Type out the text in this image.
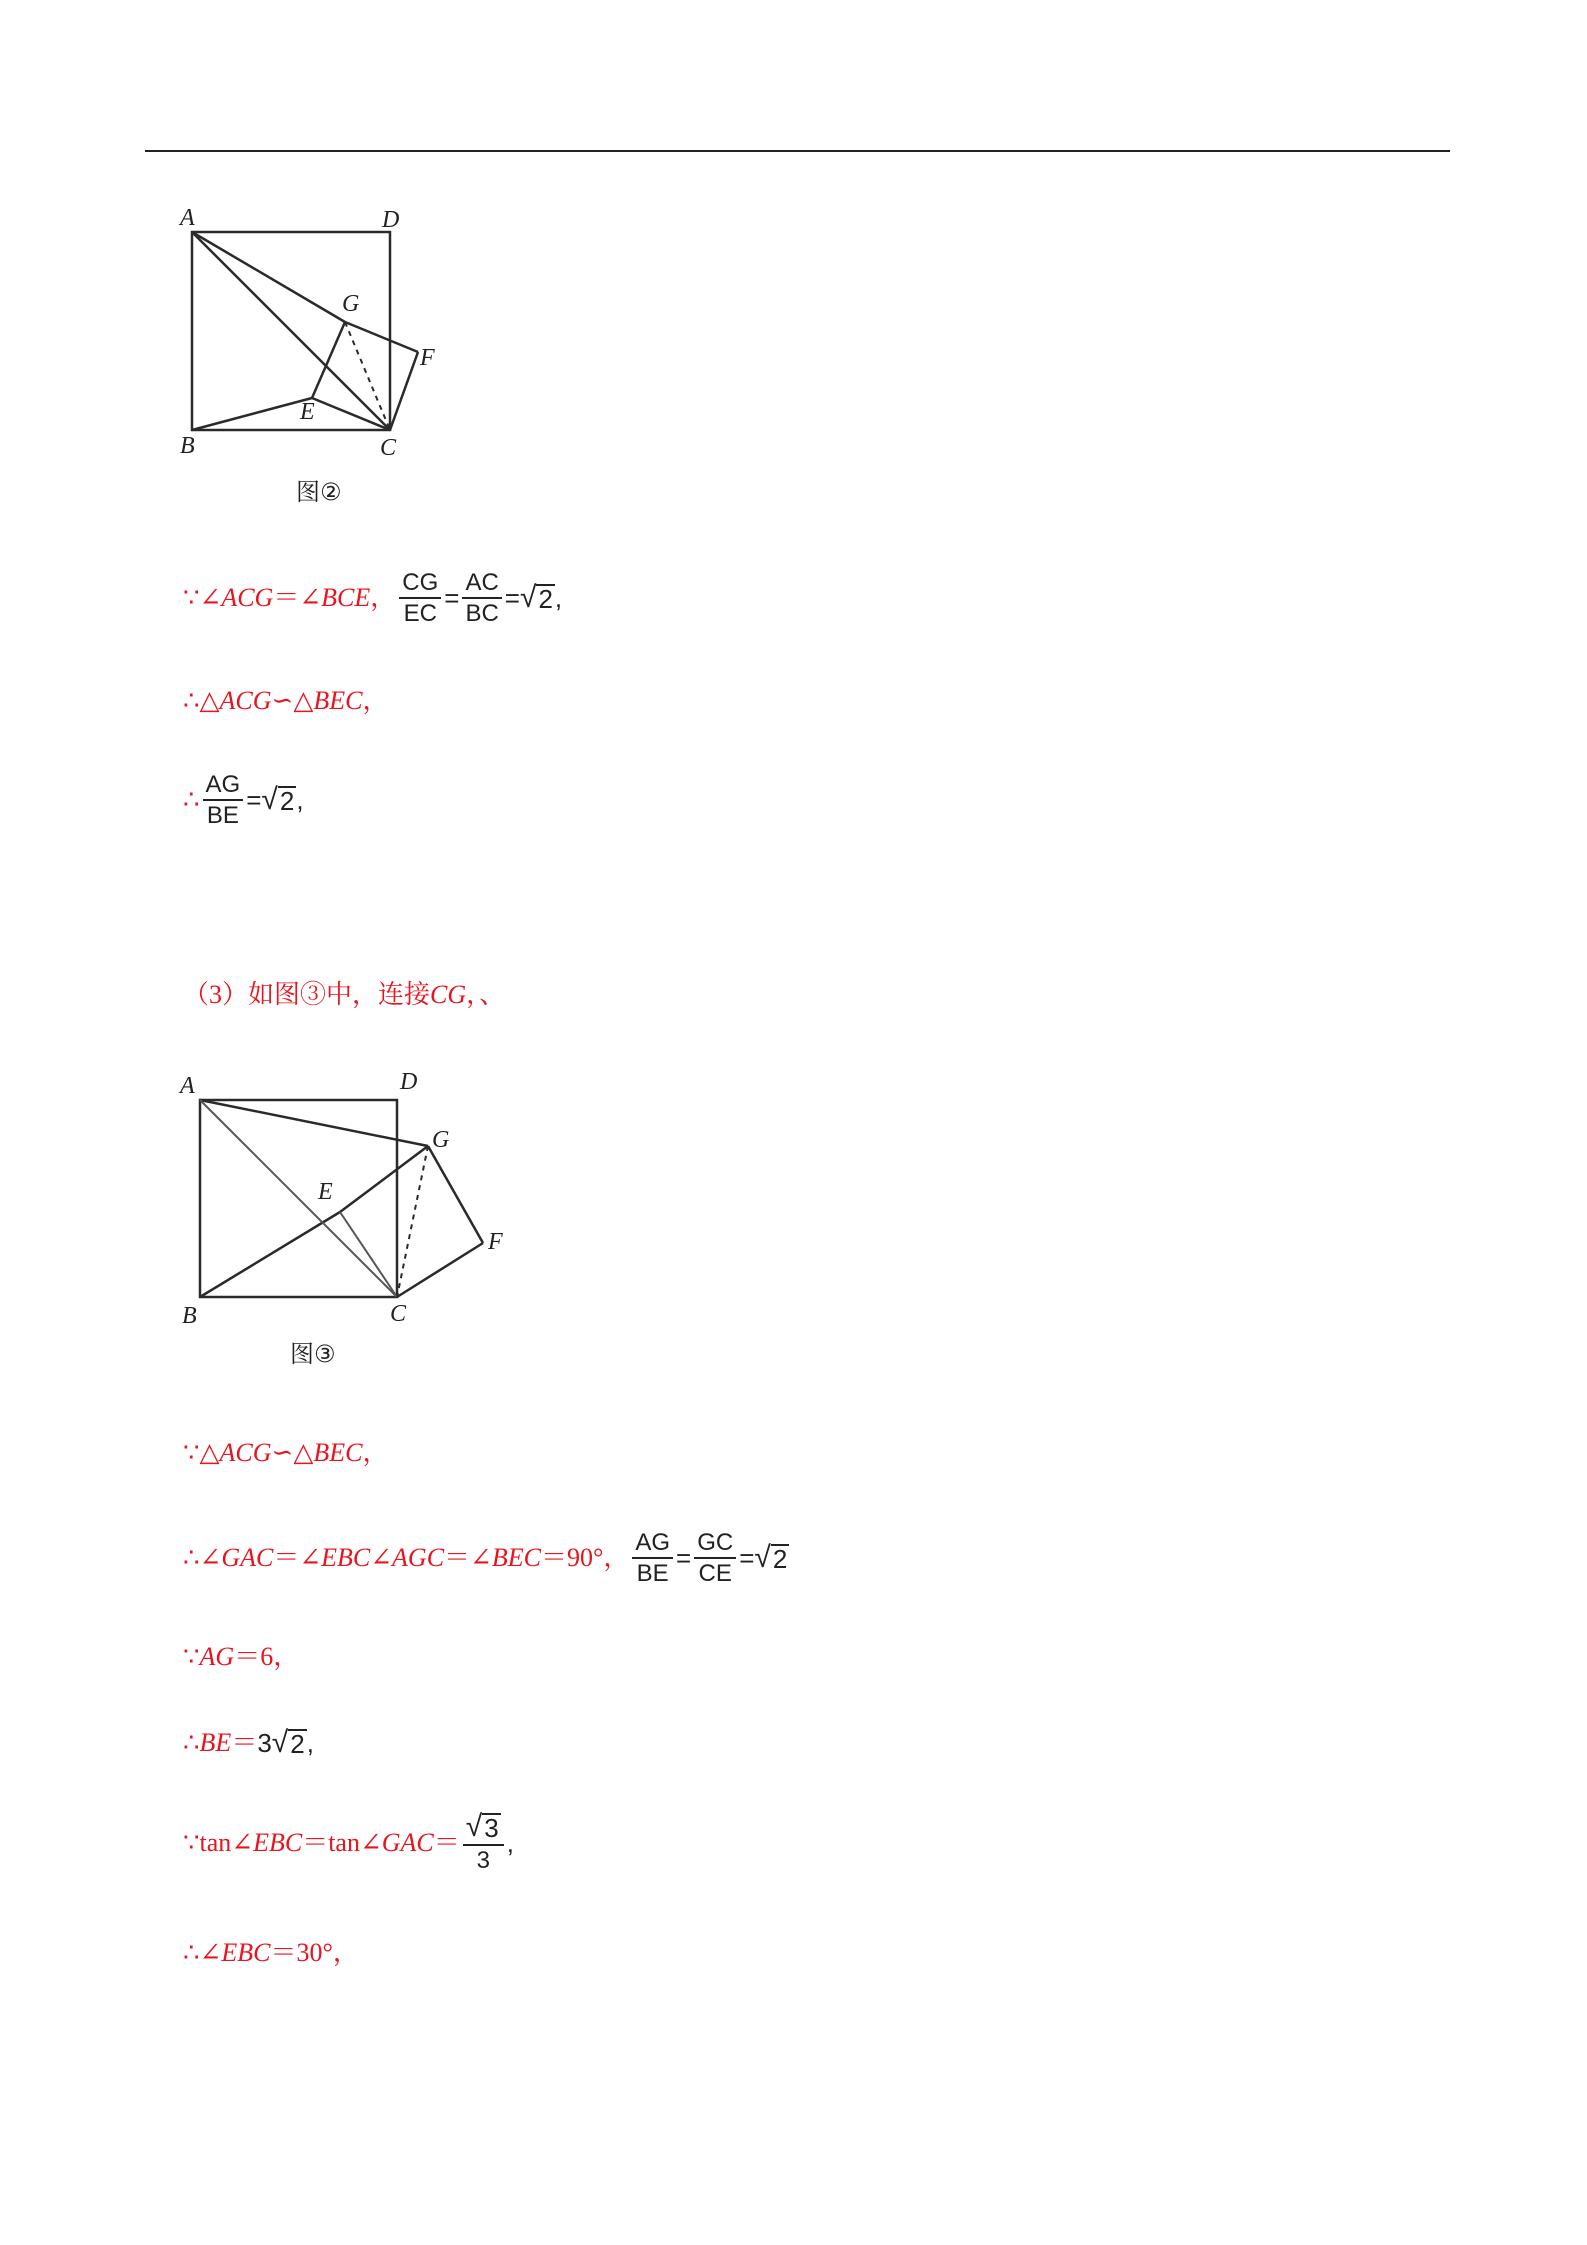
A	D
G
F
E
B	C
图②
A	D
G
E
F
B	C
图③
∵∠ ACG ＝∠ BCE ， $\frac{CG}{EC} = \frac{AC}{BC}$ = √ 2 ,
∴△ ACG ∽△ BEC ，
∴ $\frac{AG}{BE}$ = √ 2 ,
（3）如图③中，连接 CG ，、
∵△ ACG ∽△ BEC ，
∴∠ GAC ＝∠ EBC ∠ AGC ＝∠ BEC ＝90°， $\frac{AG}{BE} = \frac{GC}{CE}$ = √ 2
∵ AG ＝6，
∴ BE ＝ 3 √ 2 ,
∵tan∠ EBC ＝tan∠ GAC ＝ $\frac{√ 3}{3}$ ,
∴∠ EBC ＝30°，
